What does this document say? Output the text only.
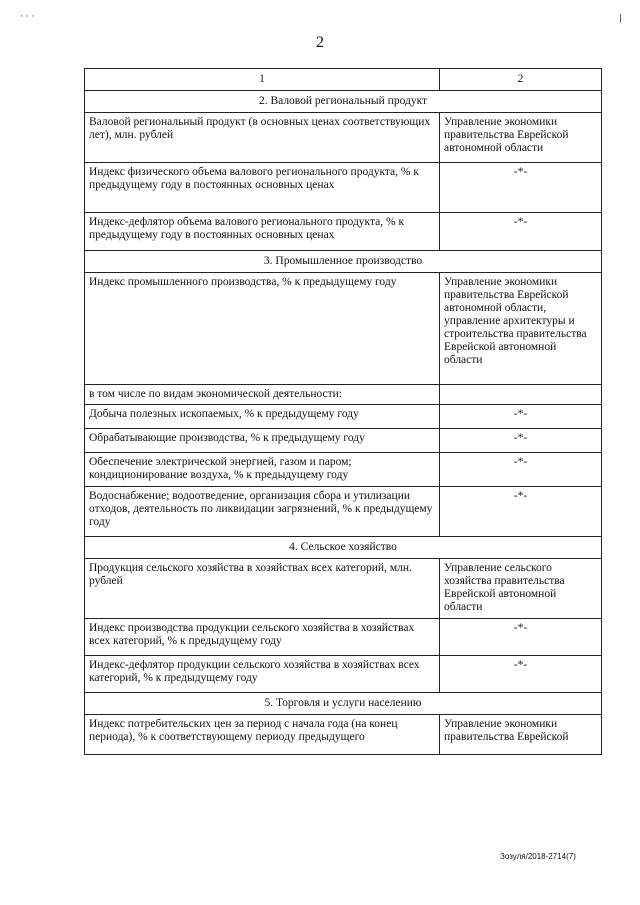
2
1	2
2. Валовой региональный продукт	
Валовой региональный продукт (в основных ценах соответствующих лет), млн. рублей	Управление экономики правительства Еврейской автономной области
Индекс физического объема валового регионального продукта, % к предыдущему году в постоянных основных ценах	-*-
Индекс-дефлятор объема валового регионального продукта, % к предыдущему году в постоянных основных ценах	-*-
3. Промышленное производство	
Индекс промышленного производства, % к предыдущему году	Управление экономики правительства Еврейской автономной области, управление архитектуры и строительства правительства Еврейской автономной области
в том числе по видам экономической деятельности:	
Добыча полезных ископаемых, % к предыдущему году	-*-
Обрабатывающие производства, % к предыдущему году	-*-
Обеспечение электрической энергией, газом и паром; кондиционирование воздуха, % к предыдущему году	-*-
Водоснабжение; водоотведение, организация сбора и утилизации отходов, деятельность по ликвидации загрязнений, % к предыдущему году	-*-
4. Сельское хозяйство	
Продукция сельского хозяйства в хозяйствах всех категорий, млн. рублей	Управление сельского хозяйства правительства Еврейской автономной области
Индекс производства продукции сельского хозяйства в хозяйствах всех категорий, % к предыдущему году	-*-
Индекс-дефлятор продукции сельского хозяйства в хозяйствах всех категорий, % к предыдущему году	-*-
5. Торговля и услуги населению	
Индекс потребительских цен за период с начала года (на конец периода), % к соответствующему периоду предыдущего	Управление экономики правительства Еврейской
Зозуля/2018-2714(7)
· · ·	|
